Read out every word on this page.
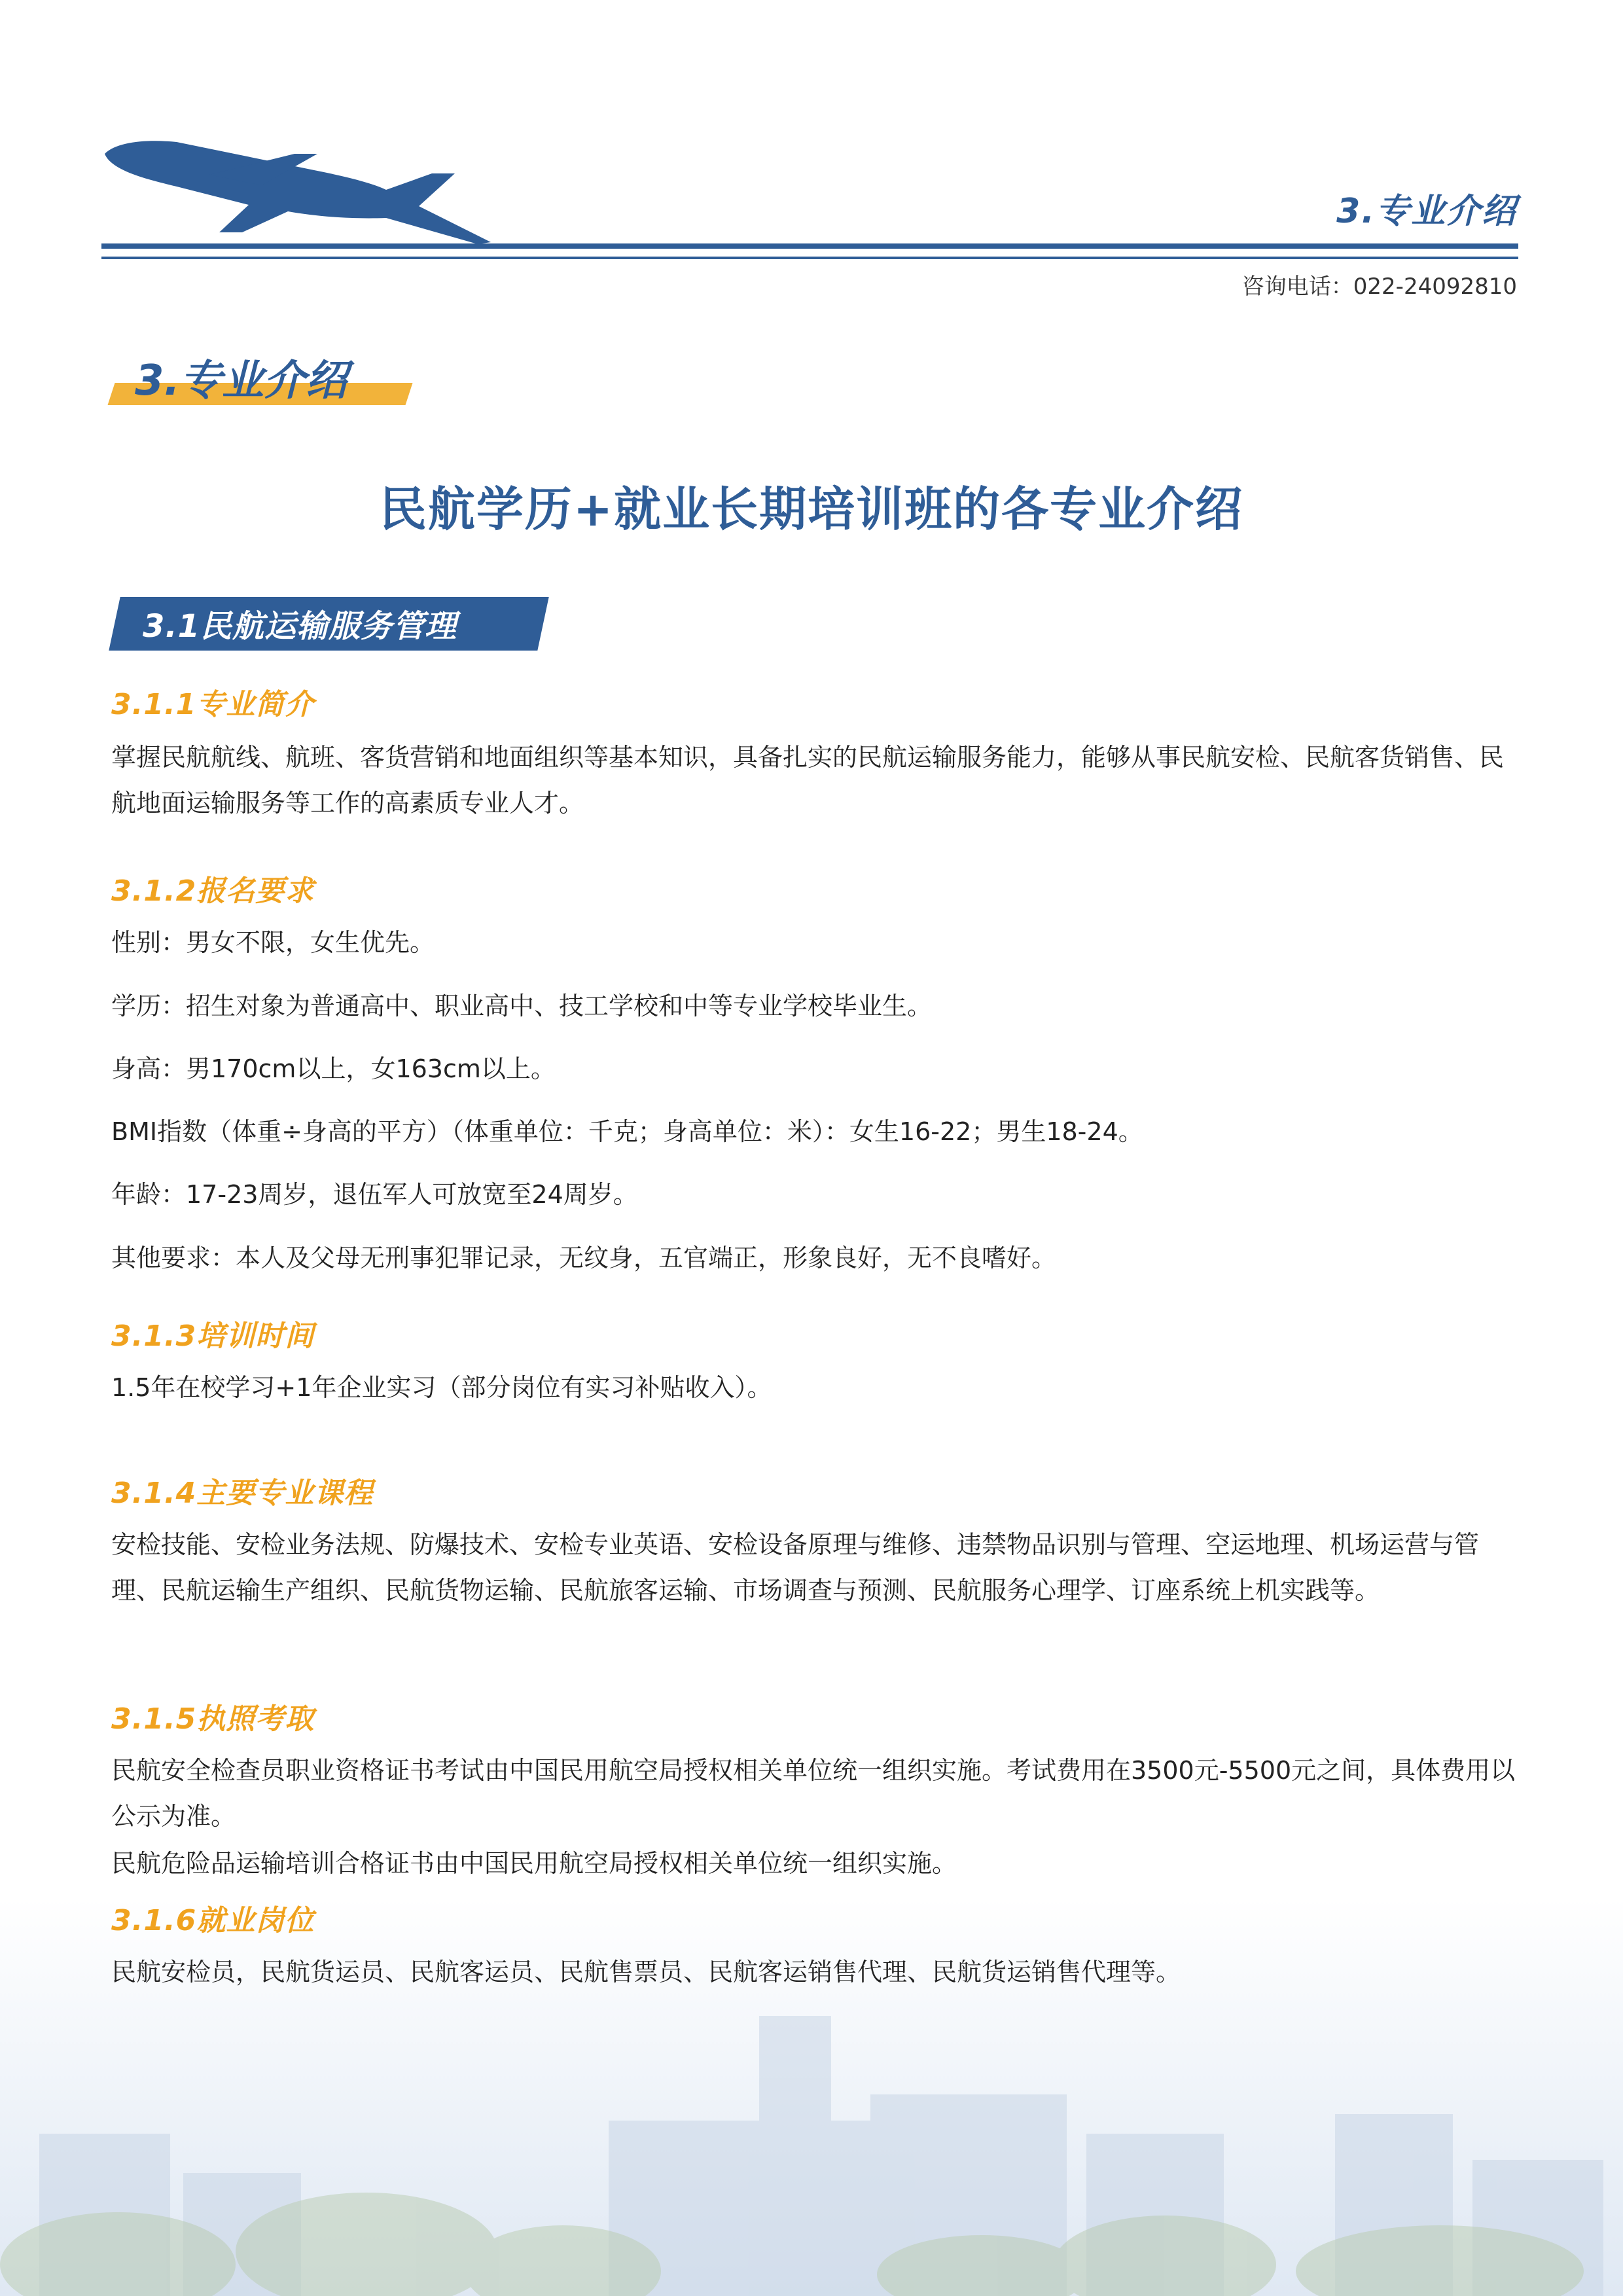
3.专业介绍
咨询电话：022-24092810
3.专业介绍
民航学历+就业长期培训班的各专业介绍
3.1民航运输服务管理
3.1.1专业简介
掌握民航航线、航班、客货营销和地面组织等基本知识，具备扎实的民航运输服务能力，能够从事民航安检、民航客货销售、民航地面运输服务等工作的高素质专业人才。
3.1.2报名要求
性别：男女不限，女生优先。
学历：招生对象为普通高中、职业高中、技工学校和中等专业学校毕业生。
身高：男170cm以上，女163cm以上。
BMI指数（体重÷身高的平方）（体重单位：千克；身高单位：米）：女生16-22；男生18-24。
年龄：17-23周岁，退伍军人可放宽至24周岁。
其他要求：本人及父母无刑事犯罪记录，无纹身，五官端正，形象良好，无不良嗜好。
3.1.3培训时间
1.5年在校学习+1年企业实习（部分岗位有实习补贴收入）。
3.1.4主要专业课程
安检技能、安检业务法规、防爆技术、安检专业英语、安检设备原理与维修、违禁物品识别与管理、空运地理、机场运营与管理、民航运输生产组织、民航货物运输、民航旅客运输、市场调查与预测、民航服务心理学、订座系统上机实践等。
3.1.5执照考取
民航安全检查员职业资格证书考试由中国民用航空局授权相关单位统一组织实施。考试费用在3500元-5500元之间，具体费用以公示为准。
民航危险品运输培训合格证书由中国民用航空局授权相关单位统一组织实施。
3.1.6就业岗位
民航安检员，民航货运员、民航客运员、民航售票员、民航客运销售代理、民航货运销售代理等。
